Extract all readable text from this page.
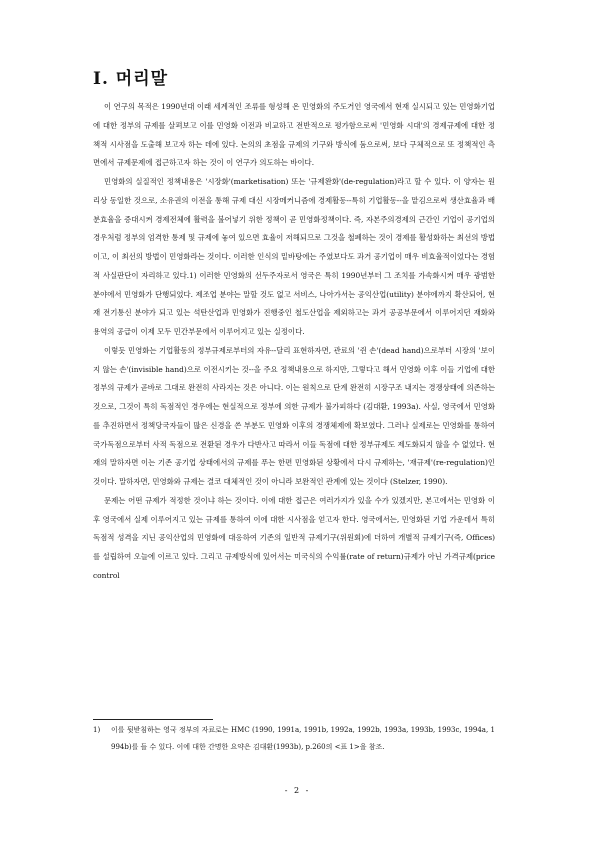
I. 머리말

이 연구의 목적은 1990년대 이래 세계적인 조류를 형성해 온 민영화의 주도거인 영국에서 현재 실시되고 있는 민영화기업에 대한 정부의 규제를 살펴보고 이를 민영화 이전과 비교하고 전반적으로 평가함으로써 '민영화 시대'의 경제규제에 대한 정책적 시사점을 도출해 보고자 하는 데에 있다. 논의의 초점을 규제의 기구와 방식에 둠으로써, 보다 구체적으로 또 정책적인 측면에서 규제문제에 접근하고자 하는 것이 이 연구가 의도하는 바이다.

민영화의 실질적인 정책내용은 '시장화'(marketisation) 또는 '규제완화'(de-regulation)라고 할 수 있다. 이 양자는 원리상 동일한 것으로, 소유권의 이전을 통해 규제 대신 시장메커니즘에 경제활동--특히 기업활동--을 맡김으로써 생산효율과 배분효율을 증대시켜 경제전체에 활력을 불어넣기 위한 정책이 곧 민영화정책이다. 즉, 자본주의경제의 근간인 기업이 공기업의 경우처럼 정부의 엄격한 통제 및 규제에 놓여 있으면 효율이 저해되므로 그것을 철폐하는 것이 경제를 활성화하는 최선의 방법이고, 이 최선의 방법이 민영화라는 것이다. 이러한 인식의 밑바탕에는 주였보다도 과거 공기업이 매우 비효율적이었다는 경험적 사실판단이 자리하고 있다.1) 이러한 민영화의 선두주자로서 영국은 특히 1990년부터 그 조치를 가속화시켜 매우 광범한 분야에서 민영화가 단행되었다. 제조업 분야는 말할 것도 없고 서비스, 나아가서는 공익산업(utility) 분야에까지 확산되어, 현재 전기통신 분야가 되고 있는 석탄산업과 민영화가 진행중인 철도산업을 제외하고는 과거 공공부문에서 이루어지던 재화와 용역의 공급이 이제 모두 민간부문에서 이루어지고 있는 실정이다.

이렇듯 민영화는 기업활동의 정부규제로부터의 자유--달리 표현하자면, 관료의 '쥔 손'(dead hand)으로부터 시장의 '보이지 않는 손'(invisible hand)으로 이전시키는 것--을 주요 정책내용으로 하지만, 그렇다고 해서 민영화 이후 이들 기업에 대한 정부의 규제가 곧바로 그대로 완전히 사라지는 것은 아니다. 이는 원칙으로 단계 완전히 시장구조 내지는 경쟁상태에 의존하는 것으로, 그것이 특히 독점적인 경우에는 현실적으로 정부에 의한 규제가 불가피하다 (김대환, 1993a). 사실, 영국에서 민영화를 추진하면서 정책당국자들이 많은 신경을 쓴 부분도 민영화 이후의 경쟁체제에 확보였다. 그러나 실제로는 민영화를 통하여 국가독점으로부터 사적 독점으로 전환된 경우가 다반사고 따라서 이들 독점에 대한 정부규제도 제도화되지 않을 수 없었다. 현재의 말하자면 이는 기존 공기업 상태에서의 규제를 푸는 한편 민영화된 상황에서 다시 규제하는, '재규제'(re-regulation)인 것이다. 말하자면, 민영화와 규제는 결코 대체적인 것이 아니라 보완적인 관계에 있는 것이다 (Stelzer, 1990).

문제는 어떤 규제가 적정한 것이냐 하는 것이다. 이에 대한 접근은 여러가지가 있을 수가 있겠지만, 본고에서는 민영화 이후 영국에서 실제 이루어지고 있는 규제를 통하여 이에 대한 시사점을 얻고자 한다. 영국에서는, 민영화된 기업 가운데서 특히 독점적 성격을 지닌 공익산업의 민영화에 대응하여 기존의 일반적 규제기구(위원회)에 더하여 개별적 규제기구(즉, Offices)를 설립하여 오늘에 이르고 있다. 그리고 규제방식에 있어서는 미국식의 수익률(rate of return)규제가 아닌 가격규제(price control

1)	이를 뒷받침하는 영국 정부의 자료로는 HMC (1990, 1991a, 1991b, 1992a, 1992b, 1993a, 1993b, 1993c, 1994a, 1994b)를 들 수 있다. 이에 대한 간명한 요약은 김대환(1993b), p.260의 <표 1>을 참조.
- 2 -
